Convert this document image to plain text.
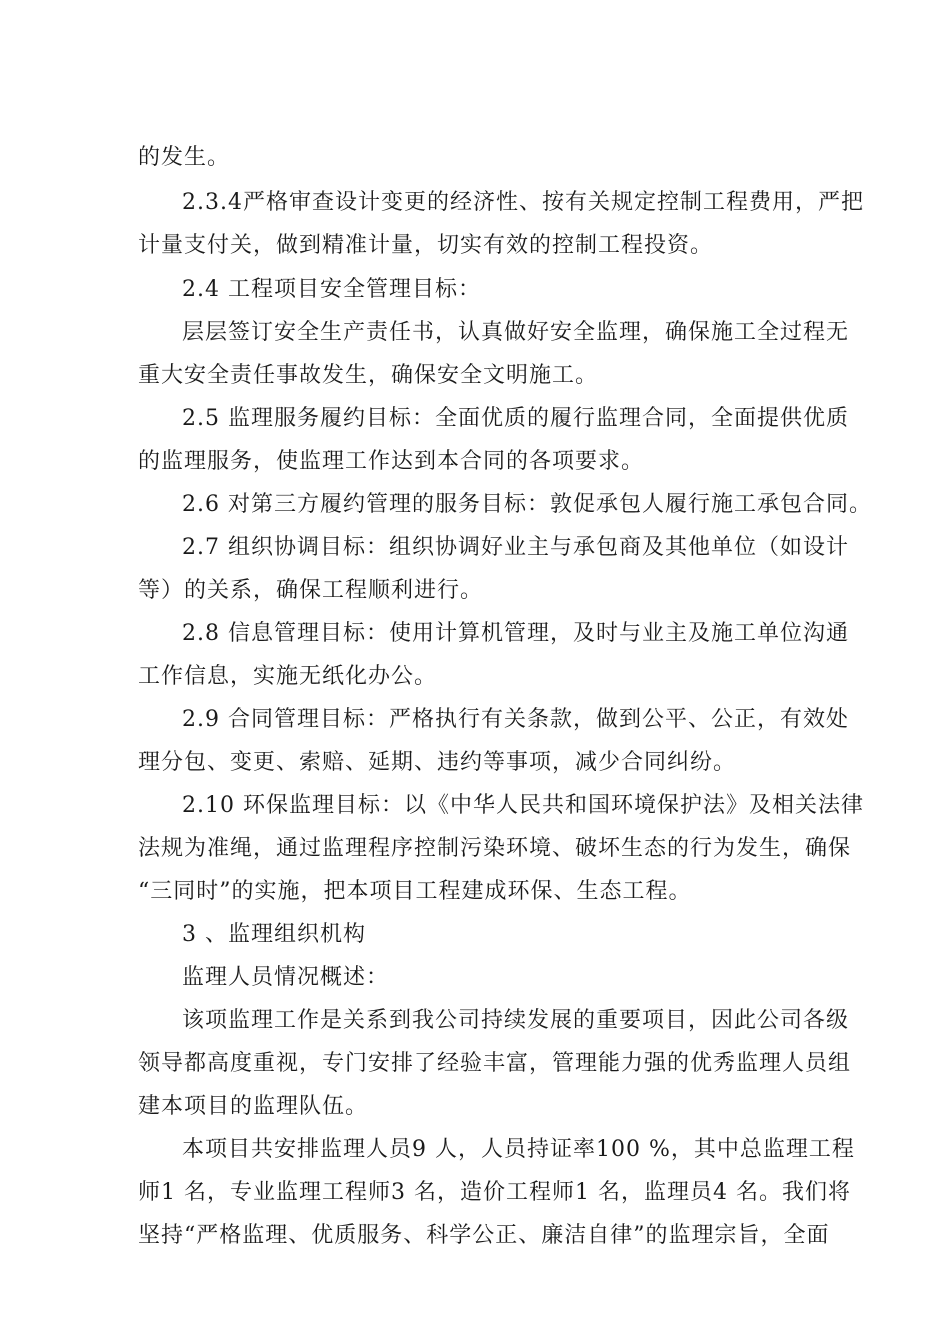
的发生。
2.3.4严格审查设计变更的经济性、按有关规定控制工程费用，严把
计量支付关，做到精准计量，切实有效的控制工程投资。
2.4 工程项目安全管理目标：
层层签订安全生产责任书，认真做好安全监理，确保施工全过程无
重大安全责任事故发生，确保安全文明施工。
2.5 监理服务履约目标：全面优质的履行监理合同，全面提供优质
的监理服务，使监理工作达到本合同的各项要求。
2.6 对第三方履约管理的服务目标：敦促承包人履行施工承包合同。
2.7 组织协调目标：组织协调好业主与承包商及其他单位（如设计
等）的关系，确保工程顺利进行。
2.8 信息管理目标：使用计算机管理，及时与业主及施工单位沟通
工作信息，实施无纸化办公。
2.9 合同管理目标：严格执行有关条款，做到公平、公正，有效处
理分包、变更、索赔、延期、违约等事项，减少合同纠纷。
2.10 环保监理目标：以《中华人民共和国环境保护法》及相关法律
法规为准绳，通过监理程序控制污染环境、破坏生态的行为发生，确保
“三同时”的实施，把本项目工程建成环保、生态工程。
3 、监理组织机构
监理人员情况概述：
该项监理工作是关系到我公司持续发展的重要项目，因此公司各级
领导都高度重视，专门安排了经验丰富，管理能力强的优秀监理人员组
建本项目的监理队伍。
本项目共安排监理人员9 人，人员持证率100 %，其中总监理工程
师1 名，专业监理工程师3 名，造价工程师1 名，监理员4 名。我们将
坚持“严格监理、优质服务、科学公正、廉洁自律”的监理宗旨，全面
